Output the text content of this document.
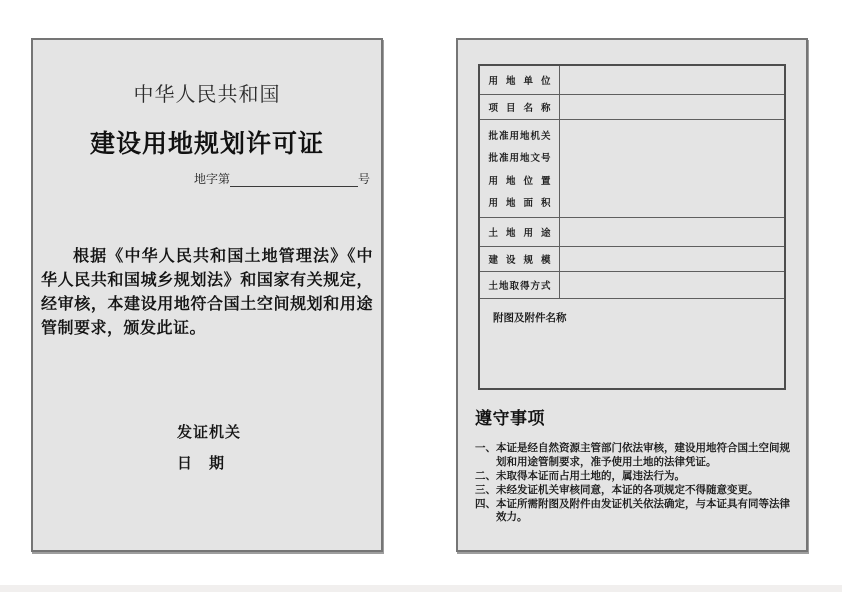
中华人民共和国
建设用地规划许可证
地字第	号
根据《中华人民共和国土地管理法》《中华人民共和国城乡规划法》和国家有关规定，经审核，本建设用地符合国土空间规划和用途管制要求，颁发此证。
发证机关
日　期
用地单位
项目名称
批准用地机关
批准用地文号
用地位置
用地面积
土地用途
建设规模
土地取得方式
附图及附件名称
遵守事项
一、本证是经自然资源主管部门依法审核，建设用地符合国土空间规划和用途管制要求，准予使用土地的法律凭证。
二、未取得本证而占用土地的，属违法行为。
三、未经发证机关审核同意，本证的各项规定不得随意变更。
四、本证所需附图及附件由发证机关依法确定，与本证具有同等法律效力。
